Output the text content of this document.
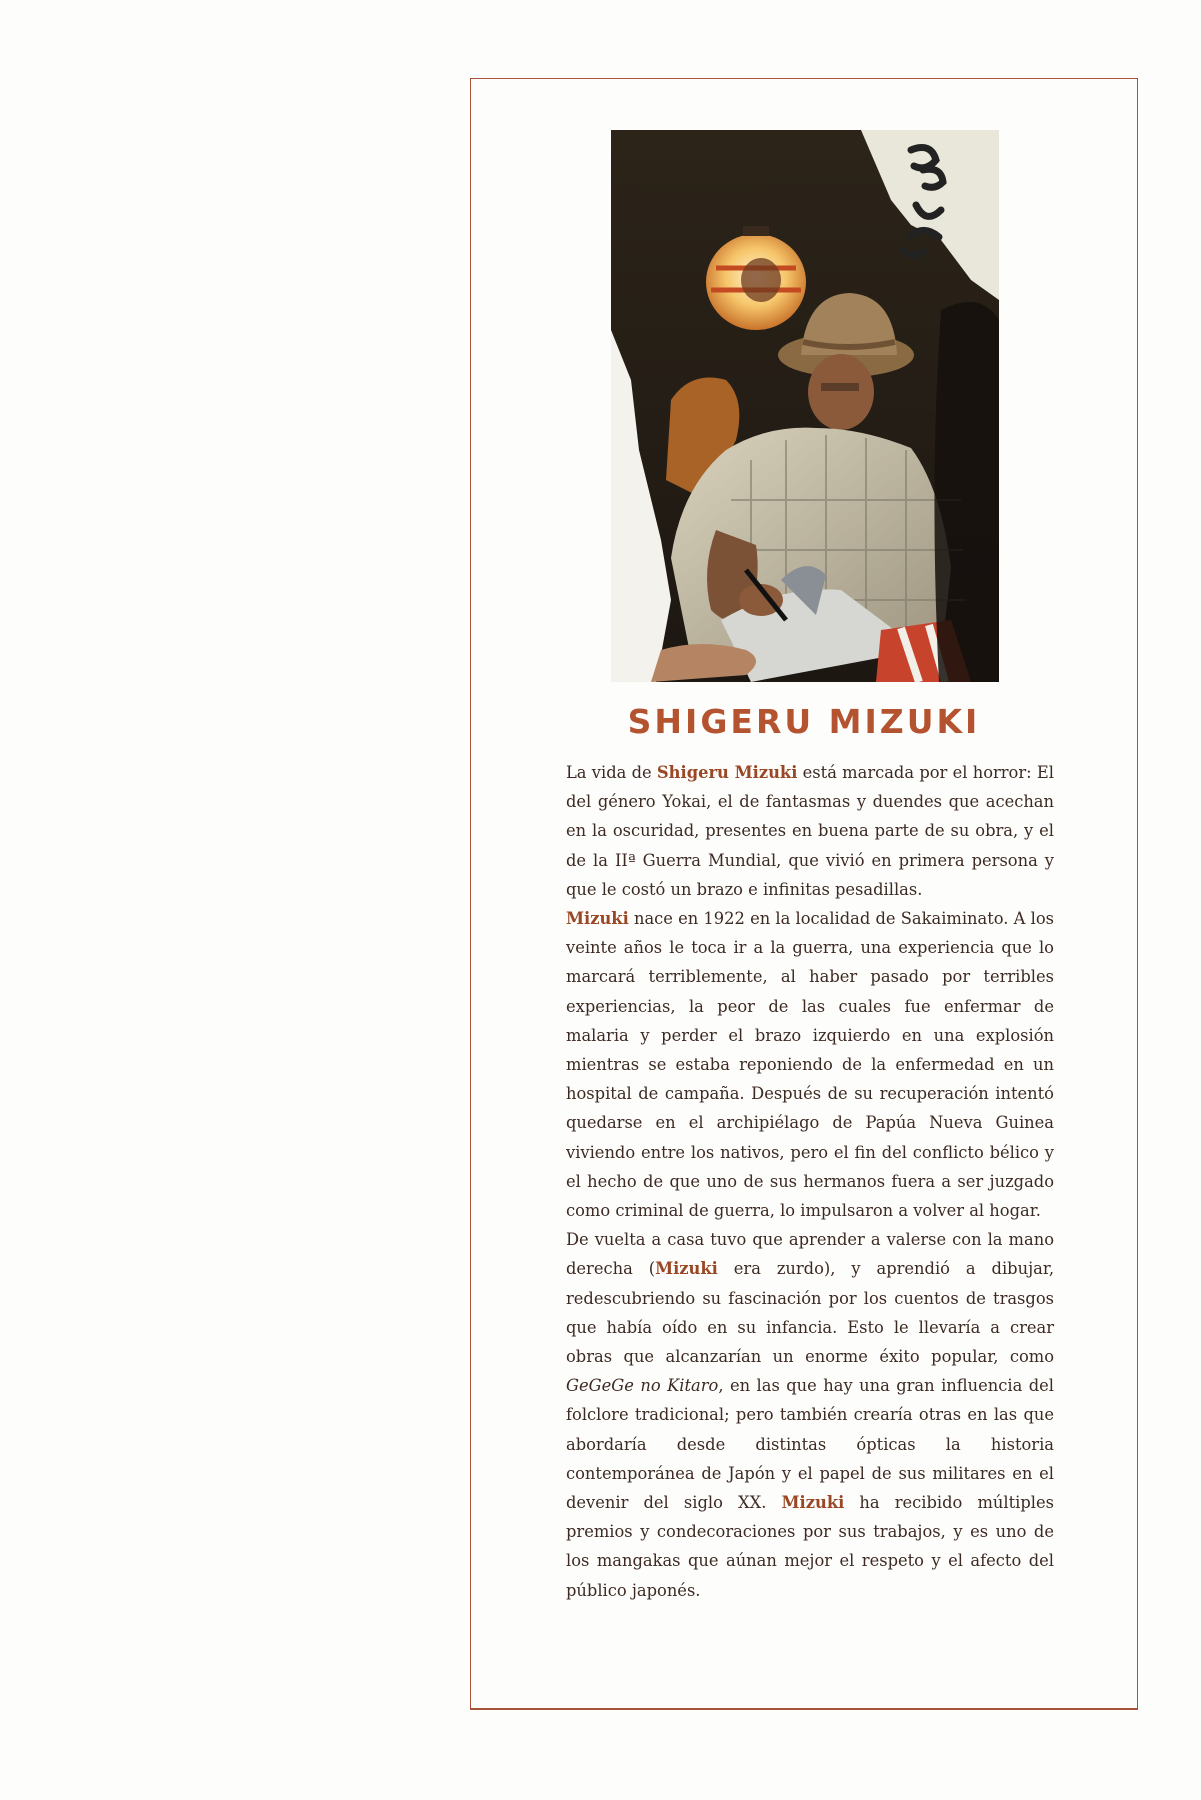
SHIGERU MIZUKI

La vida de Shigeru Mizuki está marcada por el horror: El del género Yokai, el de fantasmas y duendes que acechan en la oscuridad, presentes en buena parte de su obra, y el de la IIª Guerra Mundial, que vivió en primera persona y que le costó un brazo e infinitas pesadillas.

Mizuki nace en 1922 en la localidad de Sakaiminato. A los veinte años le toca ir a la guerra, una experiencia que lo marcará terriblemente, al haber pasado por terribles experiencias, la peor de las cuales fue enfermar de malaria y perder el brazo izquierdo en una explosión mientras se estaba reponiendo de la enfermedad en un hospital de campaña. Después de su recuperación intentó quedarse en el archipiélago de Papúa Nueva Guinea viviendo entre los nativos, pero el fin del conflicto bélico y el hecho de que uno de sus hermanos fuera a ser juzgado como criminal de guerra, lo impulsaron a volver al hogar.

De vuelta a casa tuvo que aprender a valerse con la mano derecha (Mizuki era zurdo), y aprendió a dibujar, redescubriendo su fascinación por los cuentos de trasgos que había oído en su infancia. Esto le llevaría a crear obras que alcanzarían un enorme éxito popular, como GeGeGe no Kitaro, en las que hay una gran influencia del folclore tradicional; pero también crearía otras en las que abordaría desde distintas ópticas la historia contemporánea de Japón y el papel de sus militares en el devenir del siglo XX. Mizuki ha recibido múltiples premios y condecoraciones por sus trabajos, y es uno de los mangakas que aúnan mejor el respeto y el afecto del público japonés.
